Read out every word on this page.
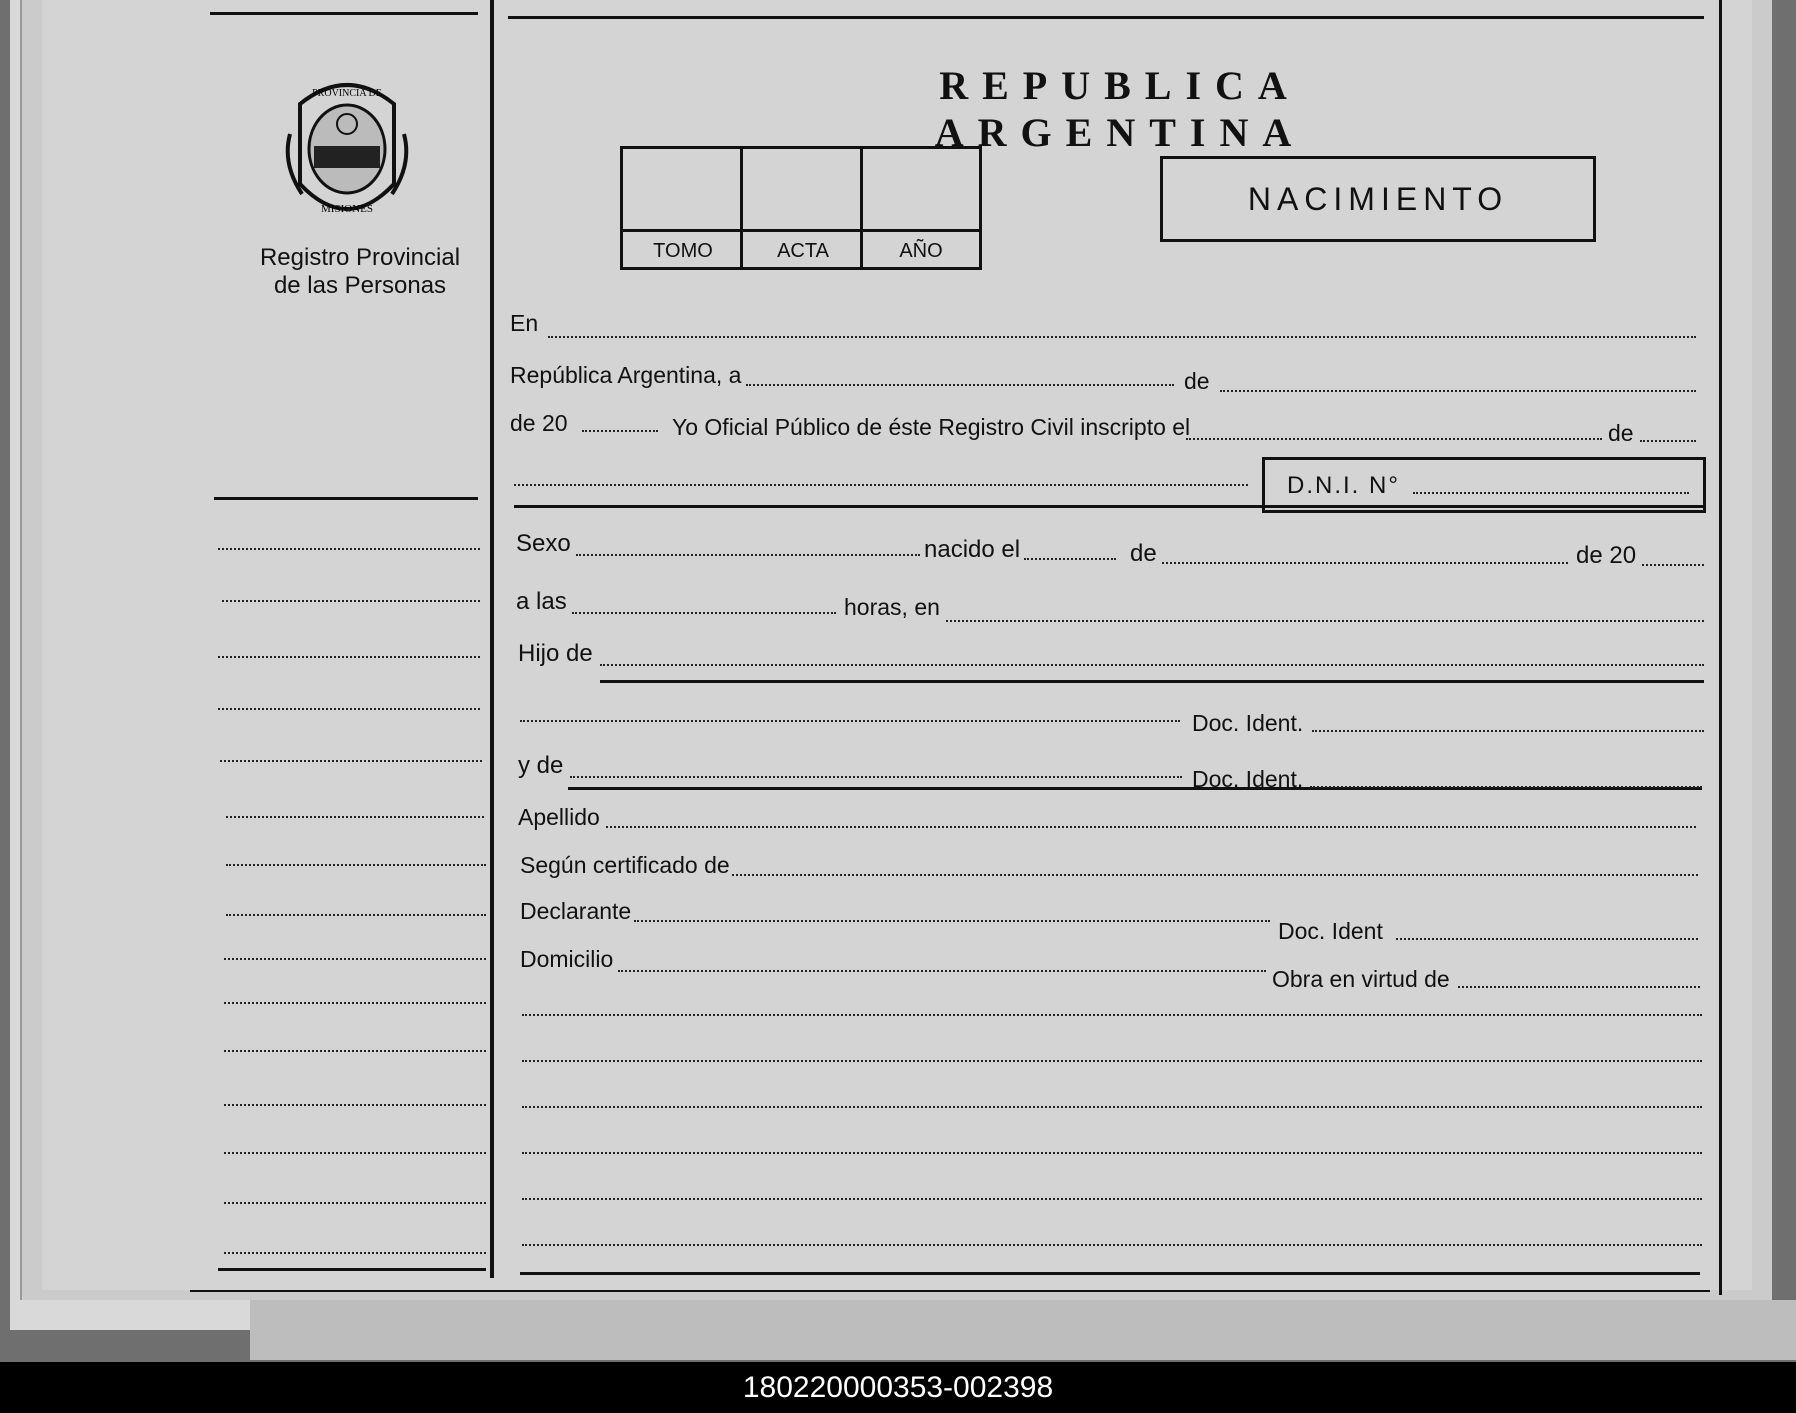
PROVINCIA DE
MISIONES
Registro Provincial
de las Personas
REPUBLICA ARGENTINA
TOMO	ACTA	AÑO
NACIMIENTO
En
República Argentina, a	de
de 20	Yo Oficial Público de éste Registro Civil inscripto el	de
D.N.I. N°
Sexo	nacido el	de	de 20
a las	horas, en
Hijo de
Doc. Ident.
y de	Doc. Ident.
Apellido
Según certificado de
Declarante
Doc. Ident
Domicilio
Obra en virtud de
180220000353-002398
